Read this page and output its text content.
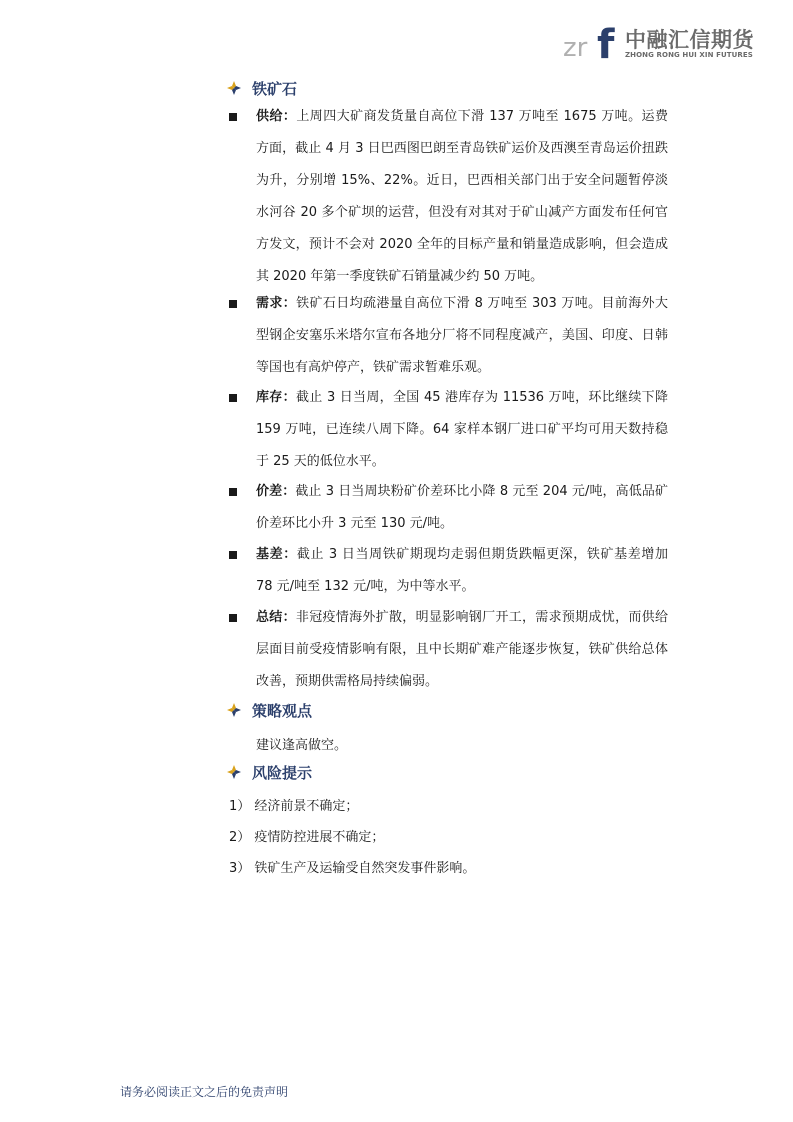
zr f 中融汇信期货
ZHONG RONG HUI XIN FUTURES
铁矿石
供给：上周四大矿商发货量自高位下滑 137 万吨至 1675 万吨。运费方面，截止 4 月 3 日巴西图巴朗至青岛铁矿运价及西澳至青岛运价扭跌为升，分别增 15%、22%。近日，巴西相关部门出于安全问题暂停淡水河谷 20 多个矿坝的运营，但没有对其对于矿山减产方面发布任何官方发文，预计不会对 2020 全年的目标产量和销量造成影响，但会造成其 2020 年第一季度铁矿石销量减少约 50 万吨。
需求：铁矿石日均疏港量自高位下滑 8 万吨至 303 万吨。目前海外大型钢企安塞乐米塔尔宣布各地分厂将不同程度减产，美国、印度、日韩等国也有高炉停产，铁矿需求暂难乐观。
库存：截止 3 日当周，全国 45 港库存为 11536 万吨，环比继续下降 159 万吨，已连续八周下降。64 家样本钢厂进口矿平均可用天数持稳于 25 天的低位水平。
价差：截止 3 日当周块粉矿价差环比小降 8 元至 204 元/吨，高低品矿价差环比小升 3 元至 130 元/吨。
基差：截止 3 日当周铁矿期现均走弱但期货跌幅更深，铁矿基差增加 78 元/吨至 132 元/吨，为中等水平。
总结：非冠疫情海外扩散，明显影响钢厂开工，需求预期成忧，而供给层面目前受疫情影响有限，且中长期矿难产能逐步恢复，铁矿供给总体改善，预期供需格局持续偏弱。
策略观点
建议逢高做空。
风险提示
1） 经济前景不确定；
2） 疫情防控进展不确定；
3） 铁矿生产及运输受自然突发事件影响。
请务必阅读正文之后的免责声明
